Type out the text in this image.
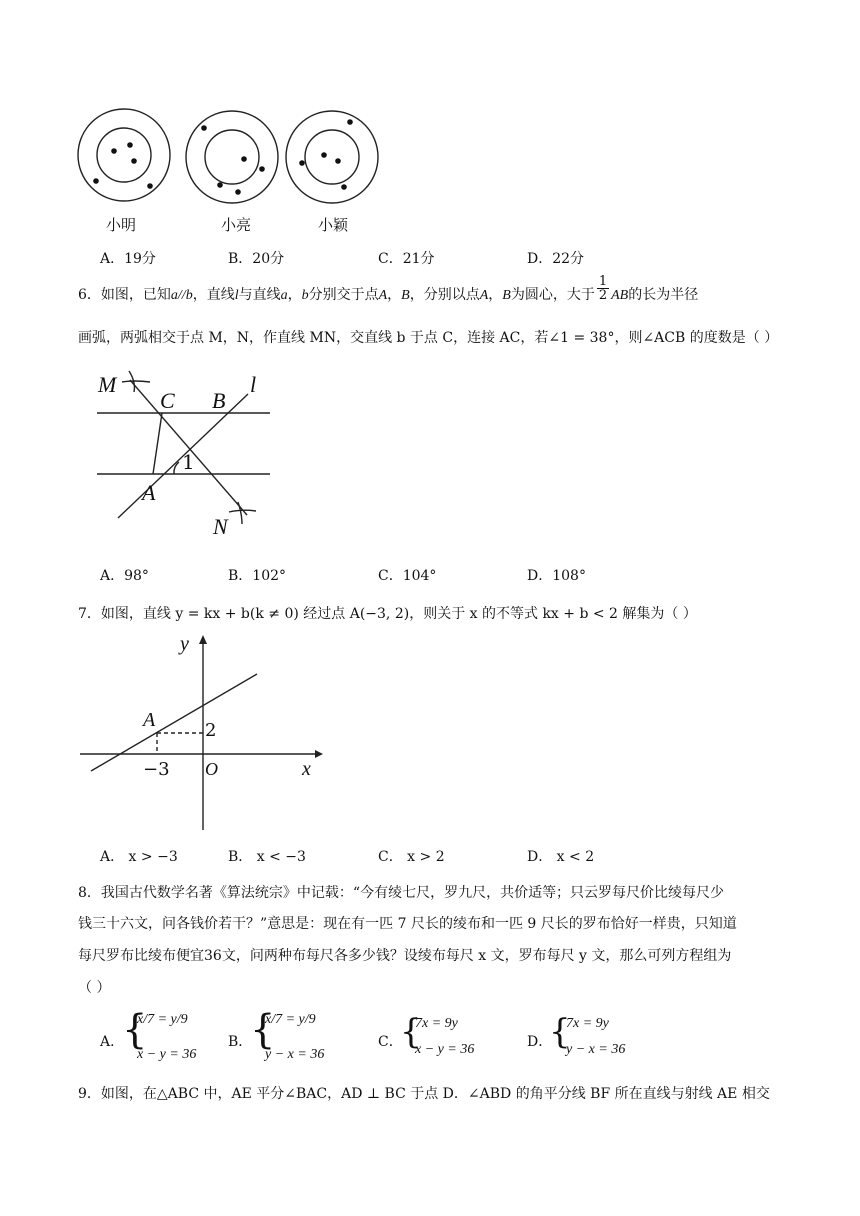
小明	小亮	小颖
A．19分	B．20分	C．21分	D．22分
6．如图，已知a//b，直线l与直线a，b分别交于点A，B，分别以点A，B为圆心，大于 $\frac{1}{2}$ AB的长为半径
画弧，两弧相交于点 M，N，作直线 MN，交直线 b 于点 C，连接 AC，若∠1 = 38°，则∠ACB 的度数是（ ）
M
C B
l
1
A
N
A．98°	B．102°	C．104°	D．108°
7．如图，直线 y = kx + b(k ≠ 0) 经过点 A(−3, 2)，则关于 x 的不等式 kx + b < 2 解集为（ ）
y
x
A	2
−3 O
A． x > −3	B． x < −3	C． x > 2	D． x < 2
8．我国古代数学名著《算法统宗》中记载：“今有绫七尺，罗九尺，共价适等；只云罗每尺价比绫每尺少
钱三十六文，问各钱价若干？”意思是：现在有一匹 7 尺长的绫布和一匹 9 尺长的罗布恰好一样贵，只知道
每尺罗布比绫布便宜36文，问两种布每尺各多少钱？设绫布每尺 x 文，罗布每尺 y 文，那么可列方程组为
（ ）
A．
{
x/7 = y/9
x − y = 36
B．
{
x/7 = y/9
y − x = 36
C．
{
7x = 9y
x − y = 36	D．
{
7x = 9y
y − x = 36
9．如图，在△ABC 中，AE 平分∠BAC，AD ⊥ BC 于点 D．∠ABD 的角平分线 BF 所在直线与射线 AE 相交
